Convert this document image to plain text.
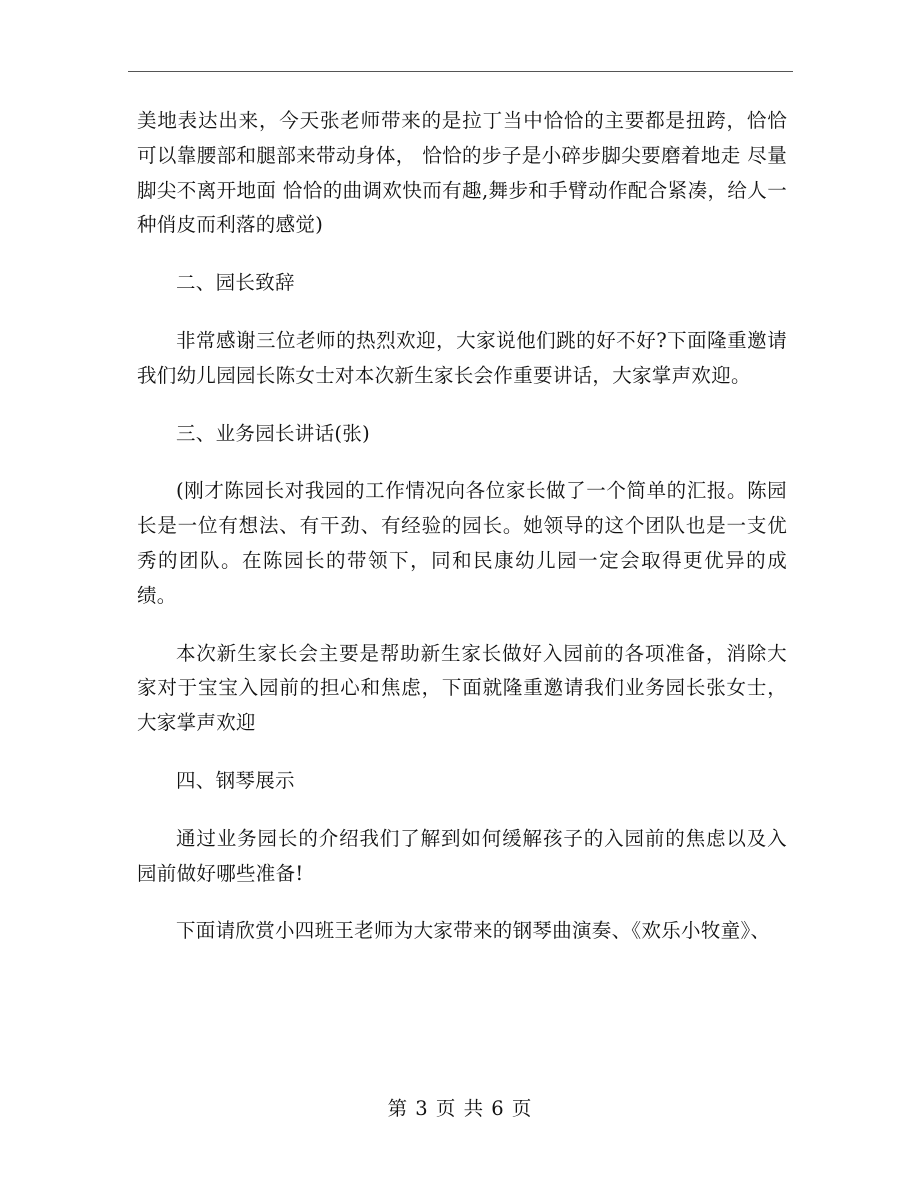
美地表达出来，今天张老师带来的是拉丁当中恰恰的主要都是扭跨，恰恰可以靠腰部和腿部来带动身体， 恰恰的步子是小碎步脚尖要磨着地走 尽量脚尖不离开地面 恰恰的曲调欢快而有趣,舞步和手臂动作配合紧凑，给人一种俏皮而利落的感觉)

二、园长致辞

非常感谢三位老师的热烈欢迎，大家说他们跳的好不好?下面隆重邀请我们幼儿园园长陈女士对本次新生家长会作重要讲话，大家掌声欢迎。

三、业务园长讲话(张)

(刚才陈园长对我园的工作情况向各位家长做了一个简单的汇报。陈园长是一位有想法、有干劲、有经验的园长。她领导的这个团队也是一支优秀的团队。在陈园长的带领下，同和民康幼儿园一定会取得更优异的成绩。

本次新生家长会主要是帮助新生家长做好入园前的各项准备，消除大家对于宝宝入园前的担心和焦虑，下面就隆重邀请我们业务园长张女士，大家掌声欢迎

四、钢琴展示

通过业务园长的介绍我们了解到如何缓解孩子的入园前的焦虑以及入园前做好哪些准备!

下面请欣赏小四班王老师为大家带来的钢琴曲演奏、《欢乐小牧童》、

第 3 页 共 6 页
